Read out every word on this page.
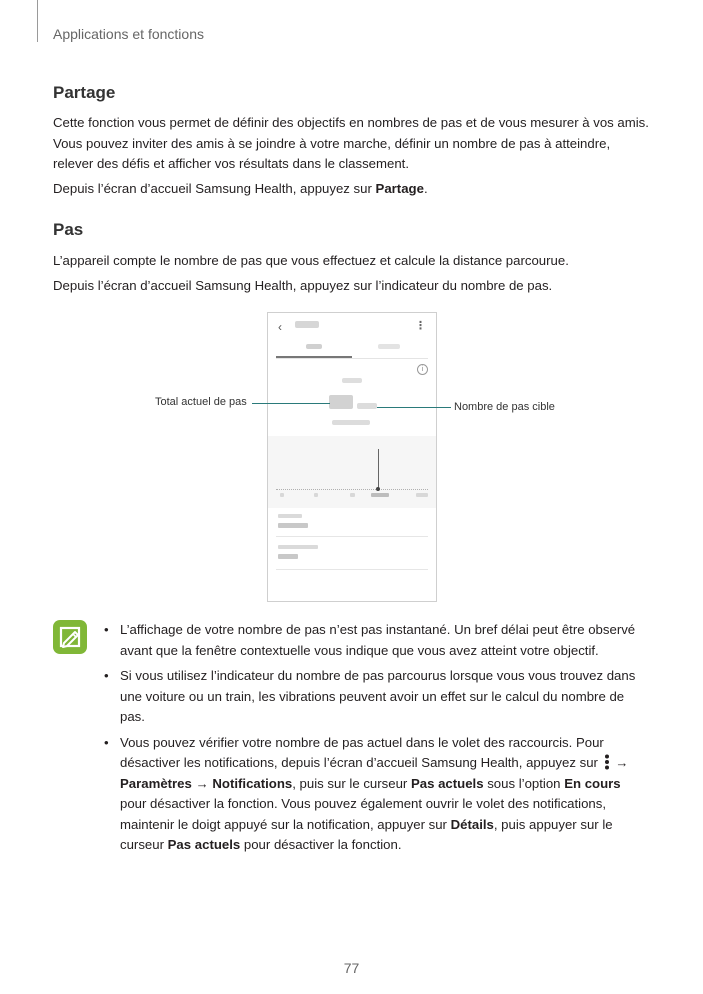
Applications et fonctions
Partage

Cette fonction vous permet de définir des objectifs en nombres de pas et de vous mesurer à vos amis. Vous pouvez inviter des amis à se joindre à votre marche, définir un nombre de pas à atteindre, relever des défis et afficher vos résultats dans le classement.

Depuis l’écran d’accueil Samsung Health, appuyez sur Partage.

Pas

L’appareil compte le nombre de pas que vous effectuez et calcule la distance parcourue.

Depuis l’écran d’accueil Samsung Health, appuyez sur l’indicateur du nombre de pas.

‹	⋮
i
Total actuel de pas	Nombre de pas cible
• L’affichage de votre nombre de pas n’est pas instantané. Un bref délai peut être observé avant que la fenêtre contextuelle vous indique que vous avez atteint votre objectif.
• Si vous utilisez l’indicateur du nombre de pas parcourus lorsque vous vous trouvez dans une voiture ou un train, les vibrations peuvent avoir un effet sur le calcul du nombre de pas.
• Vous pouvez vérifier votre nombre de pas actuel dans le volet des raccourcis. Pour désactiver les notifications, depuis l’écran d’accueil Samsung Health, appuyez sur  → Paramètres → Notifications, puis sur le curseur Pas actuels sous l’option En cours pour désactiver la fonction. Vous pouvez également ouvrir le volet des notifications, maintenir le doigt appuyé sur la notification, appuyer sur Détails, puis appuyer sur le curseur Pas actuels pour désactiver la fonction.
77
